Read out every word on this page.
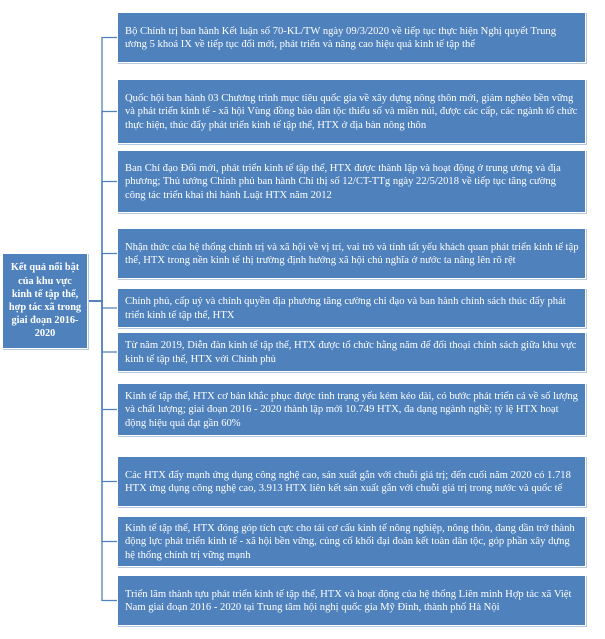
Kết quả nổi bật của khu vực kinh tế tập thể, hợp tác xã trong giai đoạn 2016-2020
Bộ Chính trị ban hành Kết luận số 70-KL/TW ngày 09/3/2020 về tiếp tục thực hiện Nghị quyết Trung ương 5 khoá IX về tiếp tục đổi mới, phát triển và nâng cao hiệu quả kinh tế tập thể
Quốc hội ban hành 03 Chương trình mục tiêu quốc gia về xây dựng nông thôn mới, giảm nghèo bền vững và phát triển kinh tế - xã hội Vùng đồng bào dân tộc thiểu số và miền núi, được các cấp, các ngành tổ chức thực hiện, thúc đẩy phát triển kinh tế tập thể, HTX ở địa bàn nông thôn
Ban Chỉ đạo Đổi mới, phát triển kinh tế tập thể, HTX được thành lập và hoạt động ở trung ương và địa phương; Thủ tướng Chính phủ ban hành Chỉ thị số 12/CT-TTg ngày 22/5/2018 về tiếp tục tăng cường công tác triển khai thi hành Luật HTX năm 2012
Nhận thức của hệ thống chính trị và xã hội về vị trí, vai trò và tính tất yếu khách quan phát triển kinh tế tập thể, HTX trong nền kinh tế thị trường định hướng xã hội chủ nghĩa ở nước ta nâng lên rõ rệt
Chính phủ, cấp uỷ và chính quyền địa phương tăng cường chỉ đạo và ban hành chính sách thúc đẩy phát triển kinh tế tập thể, HTX
Từ năm 2019, Diễn đàn kinh tế tập thể, HTX được tổ chức hằng năm để đối thoại chính sách giữa khu vực kinh tế tập thể, HTX với Chính phủ
Kinh tế tập thể, HTX cơ bản khắc phục được tình trạng yếu kém kéo dài, có bước phát triển cả về số lượng và chất lượng; giai đoạn 2016 - 2020 thành lập mới 10.749 HTX, đa dạng ngành nghề; tỷ lệ HTX hoạt động hiệu quả đạt gần 60%
Các HTX đẩy mạnh ứng dụng công nghệ cao, sản xuất gắn với chuỗi giá trị; đến cuối năm 2020 có 1.718 HTX ứng dụng công nghệ cao, 3.913 HTX liên kết sản xuất gắn với chuỗi giá trị trong nước và quốc tế
Kinh tế tập thể, HTX đóng góp tích cực cho tái cơ cấu kinh tế nông nghiệp, nông thôn, đang dần trở thành động lực phát triển kinh tế - xã hội bền vững, củng cố khối đại đoàn kết toàn dân tộc, góp phần xây dựng hệ thống chính trị vững mạnh
Triển lãm thành tựu phát triển kinh tế tập thể, HTX và hoạt động của hệ thống Liên minh Hợp tác xã Việt Nam giai đoạn 2016 - 2020 tại Trung tâm hội nghị quốc gia Mỹ Đình, thành phố Hà Nội
